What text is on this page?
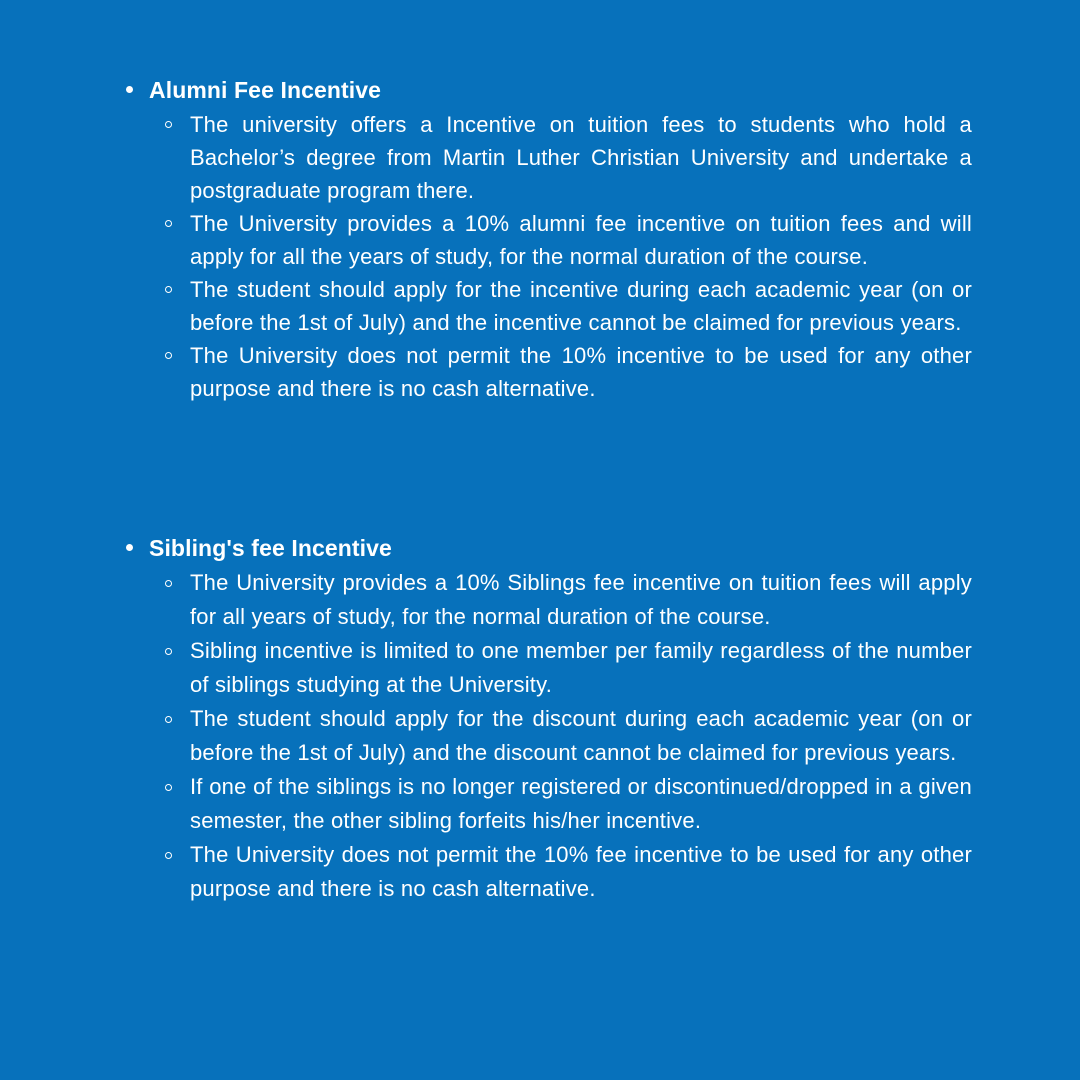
Alumni Fee Incentive
The university offers a Incentive on tuition fees to students who hold a Bachelor’s degree from Martin Luther Christian University and undertake a postgraduate program there.
The University provides a 10% alumni fee incentive on tuition fees and will apply for all the years of study, for the normal duration of the course.
The student should apply for the incentive during each academic year (on or before the 1st of July) and the incentive cannot be claimed for previous years.
The University does not permit the 10% incentive to be used for any other purpose and there is no cash alternative.
Sibling's fee Incentive
The University provides a 10% Siblings fee incentive on tuition fees will apply for all years of study, for the normal duration of the course.
Sibling incentive is limited to one member per family regardless of the number of siblings studying at the University.
The student should apply for the discount during each academic year (on or before the 1st of July) and the discount cannot be claimed for previous years.
If one of the siblings is no longer registered or discontinued/dropped in a given semester, the other sibling forfeits his/her incentive.
The University does not permit the 10% fee incentive to be used for any other purpose and there is no cash alternative.
